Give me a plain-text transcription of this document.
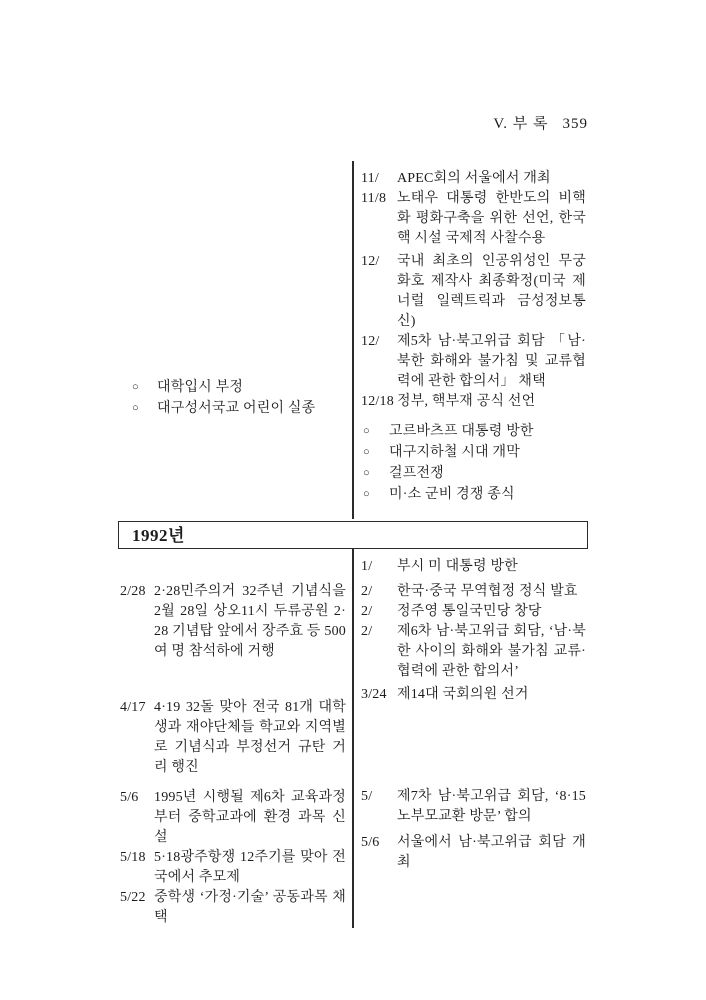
V. 부 록 359
○ 대학입시 부정
○ 대구성서국교 어린이 실종
11/ APEC회의 서울에서 개최
11/8 노태우 대통령 한반도의 비핵화 평화구축을 위한 선언, 한국 핵 시설 국제적 사찰수용
12/ 국내 최초의 인공위성인 무궁화호 제작사 최종확정(미국 제너럴 일렉트릭과 금성정보통신)
12/ 제5차 남·북고위급 회담 「남·북한 화해와 불가침 및 교류협력에 관한 합의서」 채택
12/18 정부, 핵부재 공식 선언
○ 고르바츠프 대통령 방한
○ 대구지하철 시대 개막
○ 걸프전쟁
○ 미·소 군비 경쟁 종식
1992년
2/28 2·28민주의거 32주년 기념식을 2월 28일 상오11시 두류공원 2·28 기념탑 앞에서 장주효 등 500여 명 참석하에 거행
4/17 4·19 32돌 맞아 전국 81개 대학생과 재야단체들 학교와 지역별로 기념식과 부정선거 규탄 거리 행진
5/6 1995년 시행될 제6차 교육과정부터 중학교과에 환경 과목 신설
5/18 5·18광주항쟁 12주기를 맞아 전국에서 추모제
5/22 중학생 ‘가정·기술’ 공동과목 채택
1/ 부시 미 대통령 방한
2/ 한국·중국 무역협정 정식 발효
2/ 정주영 통일국민당 창당
2/ 제6차 남·북고위급 회담, ‘남·북한 사이의 화해와 불가침 교류·협력에 관한 합의서’
3/24 제14대 국회의원 선거
5/ 제7차 남·북고위급 회담, ‘8·15 노부모교환 방문’ 합의
5/6 서울에서 남·북고위급 회담 개최
